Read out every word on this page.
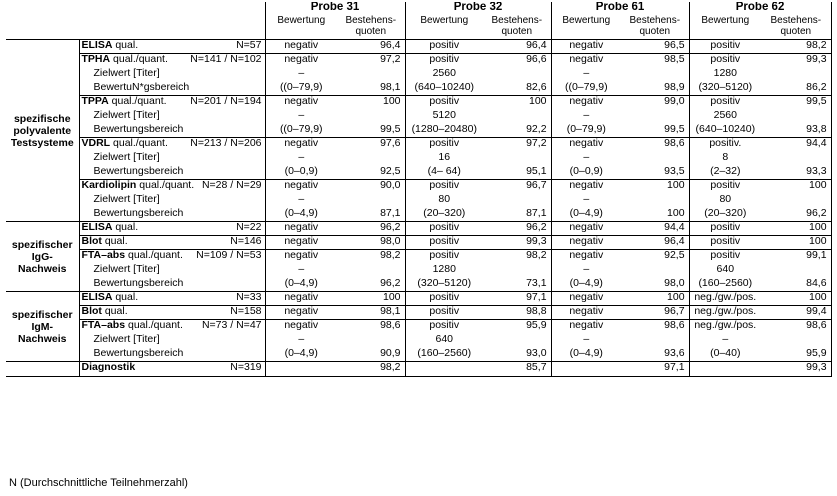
		Probe 31		Probe 32		Probe 61		Probe 62	
		Bewertung	Bestehens-quoten	Bewertung	Bestehens-quoten	Bewertung	Bestehens-quoten	Bewertung	Bestehens-quoten
spezifische polyvalente Testsysteme	ELISA qual. N=57	negativ	96,4	positiv	96,4	negativ	96,5	positiv	98,2
	TPHA qual./quant. N=141 / N=102	negativ	97,2	positiv	96,6	negativ	98,5	positiv	99,3
	Zielwert [Titer]	–		2560		–		1280	
	BewertuN*gsbereich	((0–79,9)	98,1	(640–10240)	82,6	((0–79,9)	98,9	(320–5120)	86,2
	TPPA qual./quant. N=201 / N=194	negativ	100	positiv	100	negativ	99,0	positiv	99,5
	Zielwert [Titer]	–		5120		–		2560	
	Bewertungsbereich	((0–79,9)	99,5	(1280–20480)	92,2	(0–79,9)	99,5	(640–10240)	93,8
	VDRL qual./quant. N=213 / N=206	negativ	97,6	positiv	97,2	negativ	98,6	positiv.	94,4
	Zielwert [Titer]	–		16		–		8	
	Bewertungsbereich	(0–0,9)	92,5	(4– 64)	95,1	(0–0,9)	93,5	(2–32)	93,3
	Kardiolipin qual./quant. N=28 / N=29	negativ	90,0	positiv	96,7	negativ	100	positiv	100
	Zielwert [Titer]	–		80		–		80	
	Bewertungsbereich	(0–4,9)	87,1	(20–320)	87,1	(0–4,9)	100	(20–320)	96,2
spezifischer IgG-Nachweis	ELISA qual. N=22	negativ	96,2	positiv	96,2	negativ	94,4	positiv	100
	Blot qual. N=146	negativ	98,0	positiv	99,3	negativ	96,4	positiv	100
	FTA–abs qual./quant. N=109 / N=53	negativ	98,2	positiv	98,2	negativ	92,5	positiv	99,1
	Zielwert [Titer]	–		1280		–		640	
	Bewertungsbereich	(0–4,9)	96,2	(320–5120)	73,1	(0–4,9)	98,0	(160–2560)	84,6
spezifischer IgM-Nachweis	ELISA qual. N=33	negativ	100	positiv	97,1	negativ	100	neg./gw./pos.	100
	Blot qual. N=158	negativ	98,1	positiv	98,8	negativ	96,7	neg./gw./pos.	99,4
	FTA–abs qual./quant. N=73 / N=47	negativ	98,6	positiv	95,9	negativ	98,6	neg./gw./pos.	98,6
	Zielwert [Titer]	–		640		–		–	
	Bewertungsbereich	(0–4,9)	90,9	(160–2560)	93,0	(0–4,9)	93,6	(0–40)	95,9
	Diagnostik N=319		98,2		85,7		97,1		99,3
N (Durchschnittliche Teilnehmerzahl)
